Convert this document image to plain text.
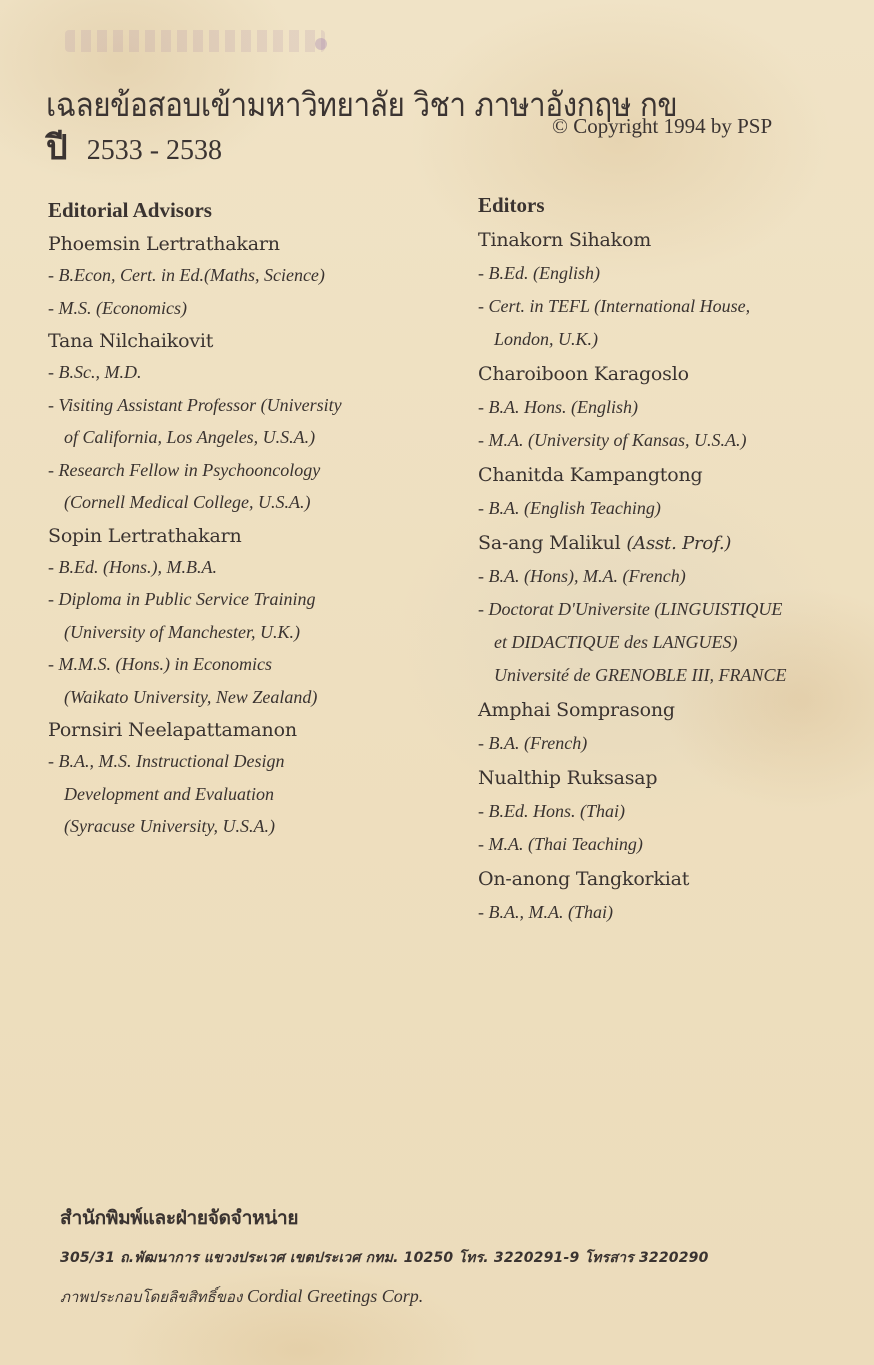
เฉลยข้อสอบเข้ามหาวิทยาลัย วิชา ภาษาอังกฤษ กข
ปี 2533 - 2538
© Copyright 1994 by PSP
Editorial Advisors
Phoemsin Lertrathakarn
- B.Econ, Cert. in Ed.(Maths, Science)
- M.S. (Economics)
Tana Nilchaikovit
- B.Sc., M.D.
- Visiting Assistant Professor (University
of California, Los Angeles, U.S.A.)
- Research Fellow in Psychooncology
(Cornell Medical College, U.S.A.)
Sopin Lertrathakarn
- B.Ed. (Hons.), M.B.A.
- Diploma in Public Service Training
(University of Manchester, U.K.)
- M.M.S. (Hons.) in Economics
(Waikato University, New Zealand)
Pornsiri Neelapattamanon
- B.A., M.S. Instructional Design
Development and Evaluation
(Syracuse University, U.S.A.)
Editors
Tinakorn Sihakom
- B.Ed. (English)
- Cert. in TEFL (International House,
London, U.K.)
Charoiboon Karagoslo
- B.A. Hons. (English)
- M.A. (University of Kansas, U.S.A.)
Chanitda Kampangtong
- B.A. (English Teaching)
Sa-ang Malikul (Asst. Prof.)
- B.A. (Hons), M.A. (French)
- Doctorat D'Universite (LINGUISTIQUE
et DIDACTIQUE des LANGUES)
Université de GRENOBLE III, FRANCE
Amphai Somprasong
- B.A. (French)
Nualthip Ruksasap
- B.Ed. Hons. (Thai)
- M.A. (Thai Teaching)
On-anong Tangkorkiat
- B.A., M.A. (Thai)
สำนักพิมพ์และฝ่ายจัดจำหน่าย
305/31 ถ.พัฒนาการ แขวงประเวศ เขตประเวศ กทม. 10250 โทร. 3220291-9 โทรสาร 3220290
ภาพประกอบโดยลิขสิทธิ์ของ Cordial Greetings Corp.
